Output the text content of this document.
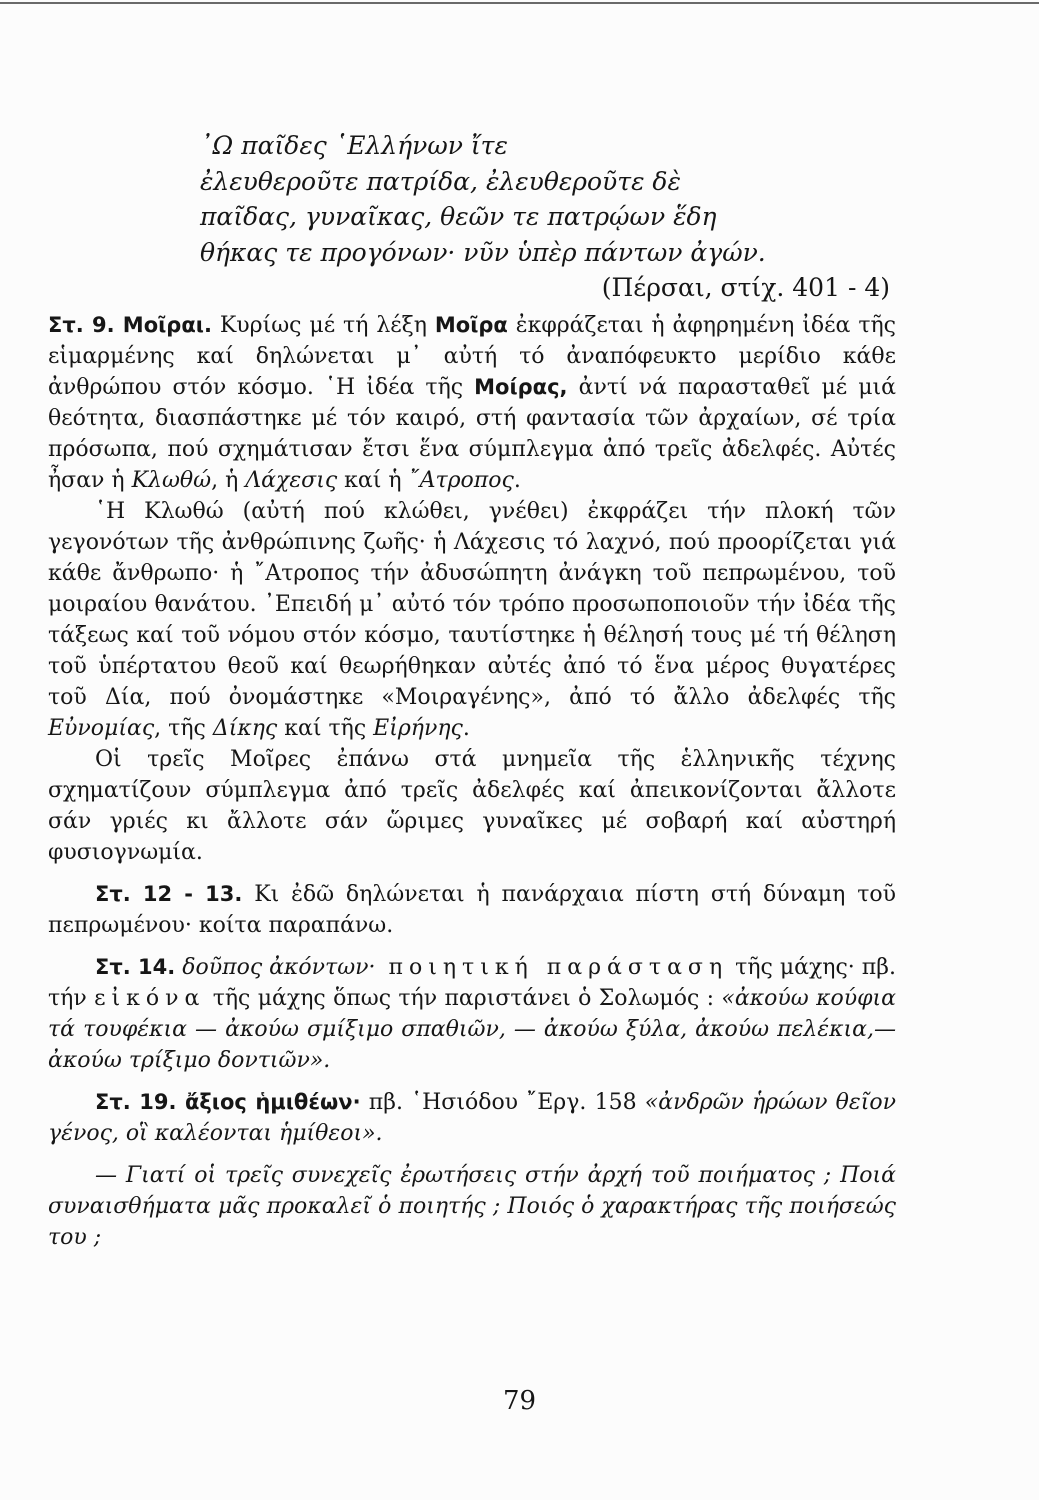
᾿Ω παῖδες ῾Ελλήνων ἴτε
ἐλευθεροῦτε πατρίδα, ἐλευθεροῦτε δὲ
παῖδας, γυναῖκας, θεῶν τε πατρῴων ἕδη
θήκας τε προγόνων· νῦν ὑπὲρ πάντων ἀγών.
(Πέρσαι, στίχ. 401 - 4)

Στ. 9. Μοῖραι. Κυρίως μέ τή λέξη Μοῖρα ἐκφράζεται ἡ ἀφηρημένη ἰδέα τῆς εἱμαρμένης καί δηλώνεται μ᾿ αὐτή τό ἀναπόφευκτο μερίδιο κάθε ἀνθρώπου στόν κόσμο. ῾Η ἰδέα τῆς Μοίρας, ἀντί νά παρασταθεῖ μέ μιά θεότητα, διασπάστηκε μέ τόν καιρό, στή φαντασία τῶν ἀρχαίων, σέ τρία πρόσωπα, πού σχημάτισαν ἔτσι ἕνα σύμπλεγμα ἀπό τρεῖς ἀδελφές. Αὐτές ἦσαν ἡ Κλωθώ, ἡ Λάχεσις καί ἡ ῎Ατροπος.

῾Η Κλωθώ (αὐτή πού κλώθει, γνέθει) ἐκφράζει τήν πλοκή τῶν γεγονότων τῆς ἀνθρώπινης ζωῆς· ἡ Λάχεσις τό λαχνό, πού προορίζεται γιά κάθε ἄνθρωπο· ἡ ῎Ατροπος τήν ἀδυσώπητη ἀνάγκη τοῦ πεπρωμένου, τοῦ μοιραίου θανάτου. ᾿Επειδή μ᾿ αὐτό τόν τρόπο προσωποποιοῦν τήν ἰδέα τῆς τάξεως καί τοῦ νόμου στόν κόσμο, ταυτίστηκε ἡ θέλησή τους μέ τή θέληση τοῦ ὑπέρτατου θεοῦ καί θεωρήθηκαν αὐτές ἀπό τό ἕνα μέρος θυγατέρες τοῦ Δία, πού ὀνομάστηκε «Μοιραγένης», ἀπό τό ἄλλο ἀδελφές τῆς Εὐνομίας, τῆς Δίκης καί τῆς Εἰρήνης.

Οἱ τρεῖς Μοῖρες ἐπάνω στά μνημεῖα τῆς ἑλληνικῆς τέχνης σχηματίζουν σύμπλεγμα ἀπό τρεῖς ἀδελφές καί ἀπεικονίζονται ἄλλοτε σάν γριές κι ἄλλοτε σάν ὥριμες γυναῖκες μέ σοβαρή καί αὐστηρή φυσιογνωμία.

Στ. 12 - 13. Κι ἐδῶ δηλώνεται ἡ πανάρχαια πίστη στή δύναμη τοῦ πεπρωμένου· κοίτα παραπάνω.

Στ. 14. δοῦπος ἀκόντων· ποιητική παράσταση τῆς μάχης· πβ. τήν εἰκόνα τῆς μάχης ὅπως τήν παριστάνει ὁ Σολωμός : «ἀκούω κούφια τά τουφέκια — ἀκούω σμίξιμο σπαθιῶν, — ἀκούω ξύλα, ἀκούω πελέκια,— ἀκούω τρίξιμο δοντιῶν».

Στ. 19. ἄξιος ἡμιθέων· πβ. ῾Ησιόδου ῎Εργ. 158 «ἀνδρῶν ἡρώων θεῖον γένος, οἳ καλέονται ἡμίθεοι».

— Γιατί οἱ τρεῖς συνεχεῖς ἐρωτήσεις στήν ἀρχή τοῦ ποιήματος ; Ποιά συναισθήματα μᾶς προκαλεῖ ὁ ποιητής ; Ποιός ὁ χαρακτήρας τῆς ποιήσεώς του ;

79
